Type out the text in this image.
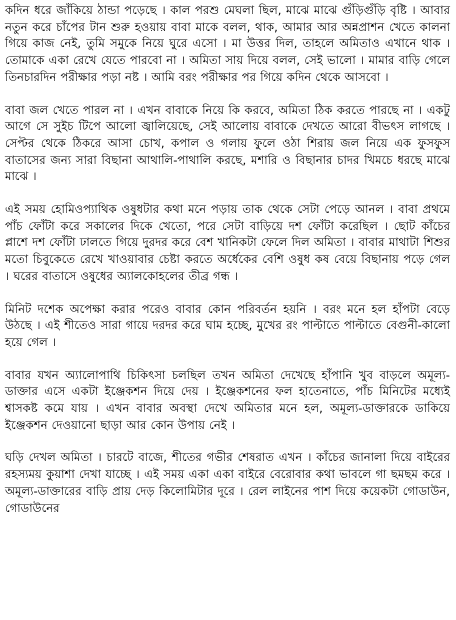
কদিন ধরে জাঁকিয়ে ঠান্ডা পড়েছে । কাল পরশু মেঘলা ছিল, মাঝে মাঝে গুঁড়িগুঁড়ি বৃষ্টি । আবার নতুন করে চাঁপের টান শুরু হওয়ায় বাবা মাকে বলল, থাক, আমার আর অন্নপ্রাশন খেতে কালনা গিয়ে কাজ নেই, তুমি সমুকে নিয়ে ঘুরে এসো । মা উত্তর দিল, তাহলে অমিতাও এখানে থাক । তোমাকে একা রেখে যেতে পারবো না । অমিতা সায় দিয়ে বলল, সেই ভালো । মামার বাড়ি গেলে তিনচারদিন পরীক্ষার পড়া নষ্ট । আমি বরং পরীক্ষার পর গিয়ে কদিন থেকে আসবো ।

বাবা জল খেতে পারল না । এখন বাবাকে নিয়ে কি করবে, অমিতা ঠিক করতে পারছে না । একটু আগে সে সুইচ টিপে আলো জ্বালিয়েছে, সেই আলোয় বাবাকে দেখতে আরো বীভৎস লাগছে । সেপ্টর থেকে ঠিকরে আসা চোখ, কপাল ও গলায় ফুলে ওঠা শিরায় জল নিয়ে এক ফুসফুস বাতাসের জন্য সারা বিছানা আথালি-পাথালি করছে, মশারি ও বিছানার চাদর খিমচে ধরছে মাঝে মাঝে ।

এই সময় হোমিওপ্যাথিক ওষুধটার কথা মনে পড়ায় তাক থেকে সেটা পেড়ে আনল । বাবা প্রথমে পাঁচ ফোঁটা করে সকালের দিকে খেতো, পরে সেটা বাড়িয়ে দশ ফোঁটা করেছিল । ছোট কাঁচের প্লাশে দশ ফোঁটা ঢালতে গিয়ে দুরদর করে বেশ খানিকটা ফেলে দিল অমিতা । বাবার মাথাটা শিশুর মতো চিবুকেতে রেখে খাওয়াবার চেষ্টা করতে অর্ধেকের বেশি ওষুধ কষ বেয়ে বিছানায় পড়ে গেল । ঘরের বাতাসে ওষুধের অ্যালকোহলের তীব্র গন্ধ ।

মিনিট দশেক অপেক্ষা করার পরেও বাবার কোন পরিবর্তন হয়নি । বরং মনে হল হাঁপটা বেড়ে উঠছে । এই শীতেও সারা গায়ে দরদর করে ঘাম হচ্ছে, মুখের রং পাল্টাতে পাল্টাতে বেগুনী-কালো হয়ে গেল ।

বাবার যখন অ্যালোপাথি চিকিৎসা চলছিল তখন অমিতা দেখেছে হাঁপানি খুব বাড়লে অমূল্য-ডাক্তার এসে একটা ইঞ্জেকশন দিয়ে দেয় । ইঞ্জেকশনের ফল হাতেনাতে, পাঁচ মিনিটের মধ্যেই শ্বাসকষ্ট কমে যায় । এখন বাবার অবস্থা দেখে অমিতার মনে হল, অমূল্য-ডাক্তারকে ডাকিয়ে ইঞ্জেকশন দেওয়ানো ছাড়া আর কোন উপায় নেই ।

ঘড়ি দেখল অমিতা । চারটে বাজে, শীতের গভীর শেষরাত এখন । কাঁচের জানালা দিয়ে বাইরের রহস্যময় কুয়াশা দেখা যাচ্ছে । এই সময় একা একা বাইরে বেরোবার কথা ভাবলে গা ছমছম করে । অমূল্য-ডাক্তারের বাড়ি প্রায় দেড় কিলোমিটার দূরে । রেল লাইনের পাশ দিয়ে কয়েকটা গোডাউন, গোডাউনের
